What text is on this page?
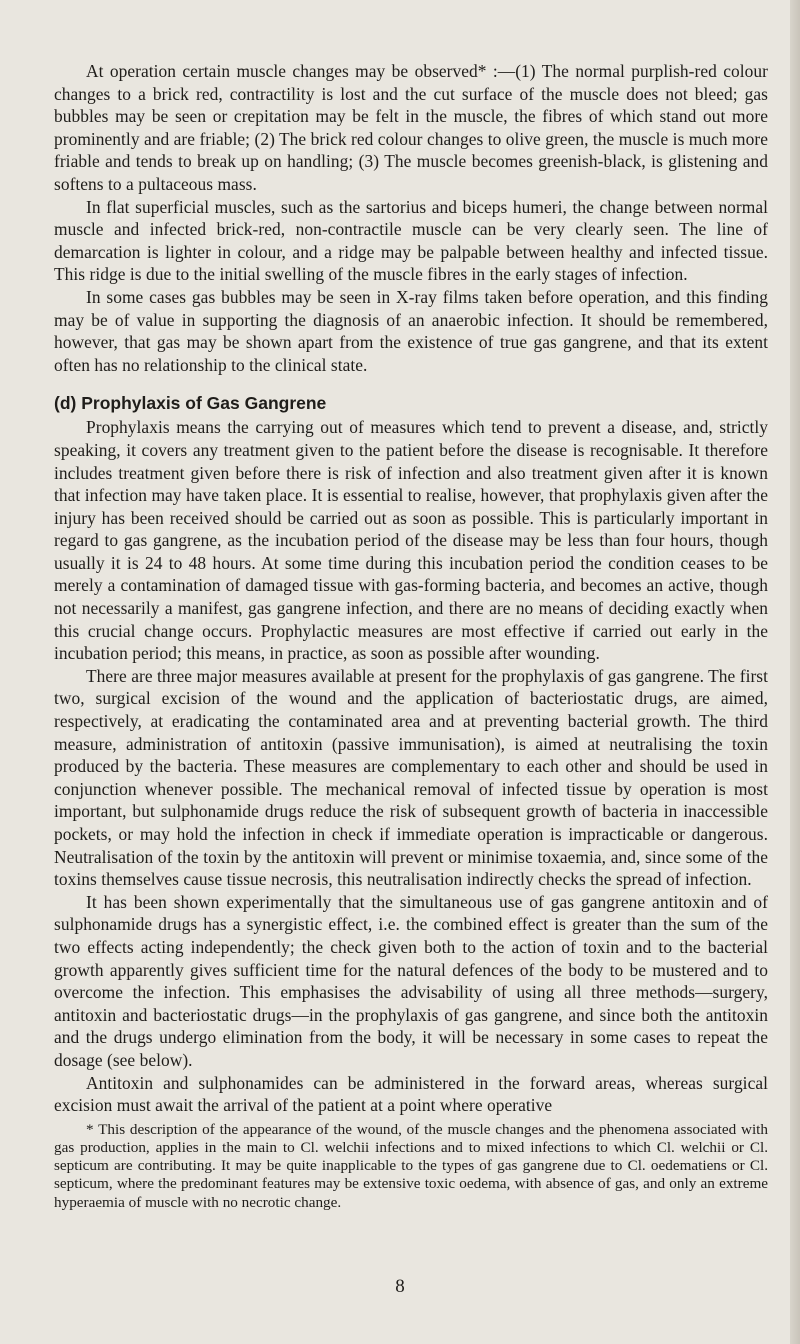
At operation certain muscle changes may be observed* :—(1) The normal purplish-red colour changes to a brick red, contractility is lost and the cut surface of the muscle does not bleed; gas bubbles may be seen or crepitation may be felt in the muscle, the fibres of which stand out more prominently and are friable; (2) The brick red colour changes to olive green, the muscle is much more friable and tends to break up on handling; (3) The muscle becomes greenish-black, is glistening and softens to a pultaceous mass.

In flat superficial muscles, such as the sartorius and biceps humeri, the change between normal muscle and infected brick-red, non-contractile muscle can be very clearly seen. The line of demarcation is lighter in colour, and a ridge may be palpable between healthy and infected tissue. This ridge is due to the initial swelling of the muscle fibres in the early stages of infection.

In some cases gas bubbles may be seen in X-ray films taken before operation, and this finding may be of value in supporting the diagnosis of an anaerobic infection. It should be remembered, however, that gas may be shown apart from the existence of true gas gangrene, and that its extent often has no relationship to the clinical state.

(d) Prophylaxis of Gas Gangrene

Prophylaxis means the carrying out of measures which tend to prevent a disease, and, strictly speaking, it covers any treatment given to the patient before the disease is recognisable. It therefore includes treatment given before there is risk of infection and also treatment given after it is known that infection may have taken place. It is essential to realise, however, that prophylaxis given after the injury has been received should be carried out as soon as possible. This is particularly important in regard to gas gangrene, as the incubation period of the disease may be less than four hours, though usually it is 24 to 48 hours. At some time during this incubation period the condition ceases to be merely a contamination of damaged tissue with gas-forming bacteria, and becomes an active, though not necessarily a manifest, gas gangrene infection, and there are no means of deciding exactly when this crucial change occurs. Prophylactic measures are most effective if carried out early in the incubation period; this means, in practice, as soon as possible after wounding.

There are three major measures available at present for the prophylaxis of gas gangrene. The first two, surgical excision of the wound and the application of bacteriostatic drugs, are aimed, respectively, at eradicating the contaminated area and at preventing bacterial growth. The third measure, administration of antitoxin (passive immunisation), is aimed at neutralising the toxin produced by the bacteria. These measures are complementary to each other and should be used in conjunction whenever possible. The mechanical removal of infected tissue by operation is most important, but sulphonamide drugs reduce the risk of subsequent growth of bacteria in inaccessible pockets, or may hold the infection in check if immediate operation is impracticable or dangerous. Neutralisation of the toxin by the antitoxin will prevent or minimise toxaemia, and, since some of the toxins themselves cause tissue necrosis, this neutralisation indirectly checks the spread of infection.

It has been shown experimentally that the simultaneous use of gas gangrene antitoxin and of sulphonamide drugs has a synergistic effect, i.e. the combined effect is greater than the sum of the two effects acting independently; the check given both to the action of toxin and to the bacterial growth apparently gives sufficient time for the natural defences of the body to be mustered and to overcome the infection. This emphasises the advisability of using all three methods—surgery, antitoxin and bacteriostatic drugs—in the prophylaxis of gas gangrene, and since both the antitoxin and the drugs undergo elimination from the body, it will be necessary in some cases to repeat the dosage (see below).

Antitoxin and sulphonamides can be administered in the forward areas, whereas surgical excision must await the arrival of the patient at a point where operative

* This description of the appearance of the wound, of the muscle changes and the phenomena associated with gas production, applies in the main to Cl. welchii infections and to mixed infections to which Cl. welchii or Cl. septicum are contributing. It may be quite inapplicable to the types of gas gangrene due to Cl. oedematiens or Cl. septicum, where the predominant features may be extensive toxic oedema, with absence of gas, and only an extreme hyperaemia of muscle with no necrotic change.

8
